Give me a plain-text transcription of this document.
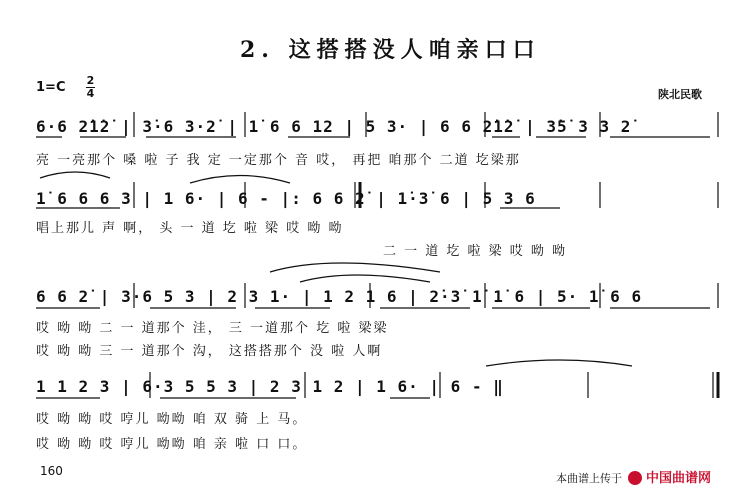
2. 这搭搭没人咱亲口口
1=C 2
4	陕北民歌
6·6 2̇1̇2̇ | 3̇·6 3·2̇ | 1̇ 6 6 12 | 5 3· | 6 6 2̇1̇2̇ | 3̇5̇ 3 3 2̇
亮 一亮那个 嗓 啦 子 我 定 一定那个 音 哎， 再把 咱那个 二道 圪梁那
1̇ 6 6 6 3 | 1 6· | 6 - |: 6 6 2̇ | 1̇·3̇ 6 | 5 3 6
唱上那儿 声 啊， 头 一 道 圪 啦 梁 哎 呦 呦
二 一 道 圪 啦 梁 哎 呦 呦
6 6 2̇ | 3·6 5 3 | 2 3 1· | 1 2 1 6 | 2̇·3̇ 1̇ 1̇ 6 | 5· 1̇ 6 6
哎 呦 呦 二 一 道那个 洼， 三 一道那个 圪 啦 梁梁
哎 呦 呦 三 一 道那个 沟， 这搭搭那个 没 啦 人啊
1 1 2 3 | 6·3 5 5 3 | 2 3 1 2 | 1 6· | 6 - ‖
哎 呦 呦 哎 哼儿 呦呦 咱 双 骑 上 马。
哎 呦 呦 哎 哼儿 呦呦 咱 亲 啦 口 口。
160
本曲谱上传于 中国曲谱网
